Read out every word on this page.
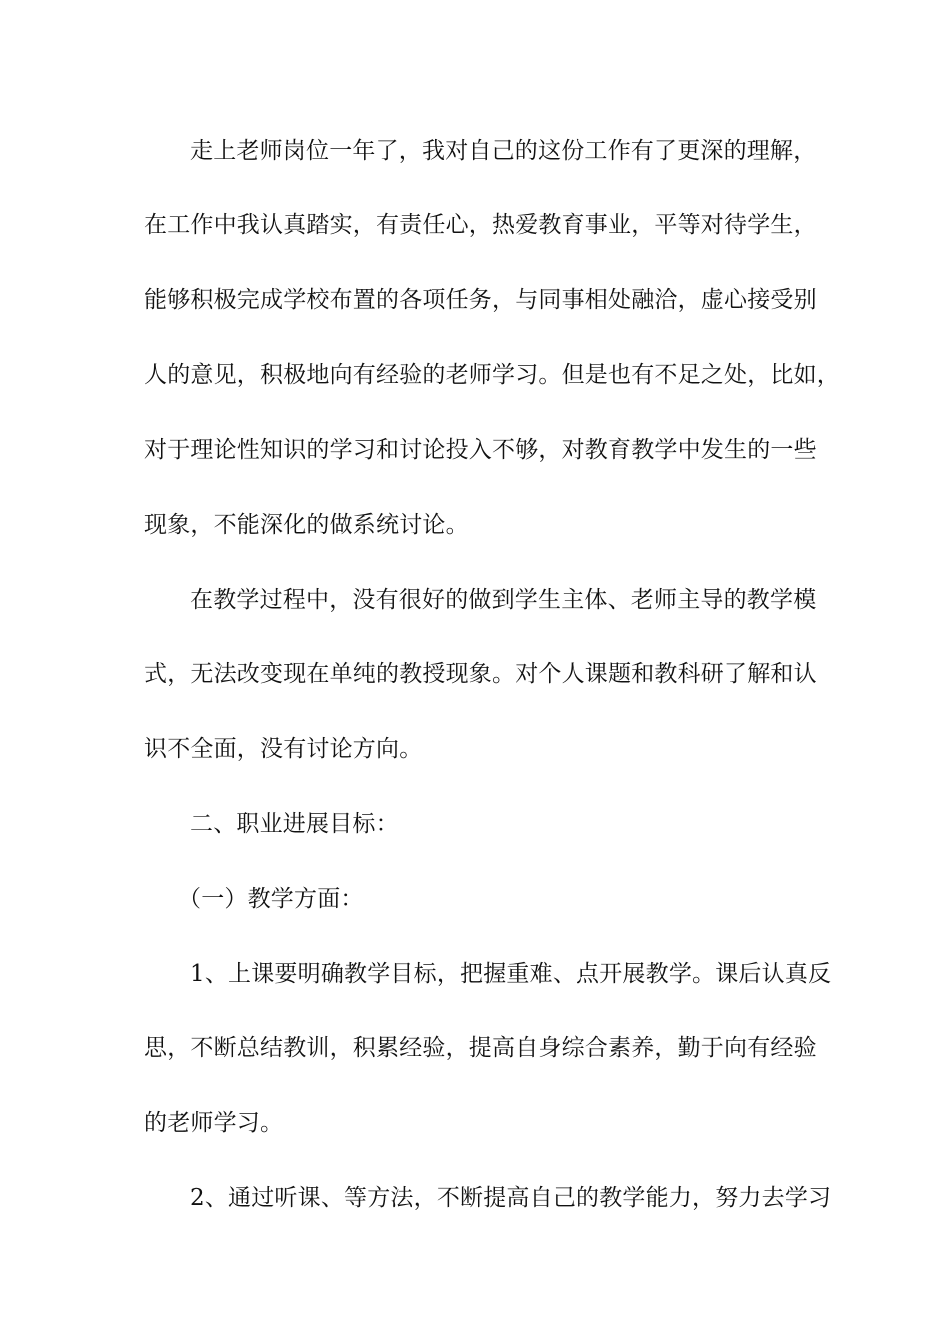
走上老师岗位一年了，我对自己的这份工作有了更深的理解，
在工作中我认真踏实，有责任心，热爱教育事业，平等对待学生，
能够积极完成学校布置的各项任务，与同事相处融洽，虚心接受别
人的意见，积极地向有经验的老师学习。但是也有不足之处，比如，
对于理论性知识的学习和讨论投入不够，对教育教学中发生的一些
现象，不能深化的做系统讨论。
在教学过程中，没有很好的做到学生主体、老师主导的教学模
式，无法改变现在单纯的教授现象。对个人课题和教科研了解和认
识不全面，没有讨论方向。
二、职业进展目标：
（一）教学方面：
1、上课要明确教学目标，把握重难、点开展教学。课后认真反
思，不断总结教训，积累经验，提高自身综合素养，勤于向有经验
的老师学习。
2、通过听课、等方法，不断提高自己的教学能力，努力去学习
